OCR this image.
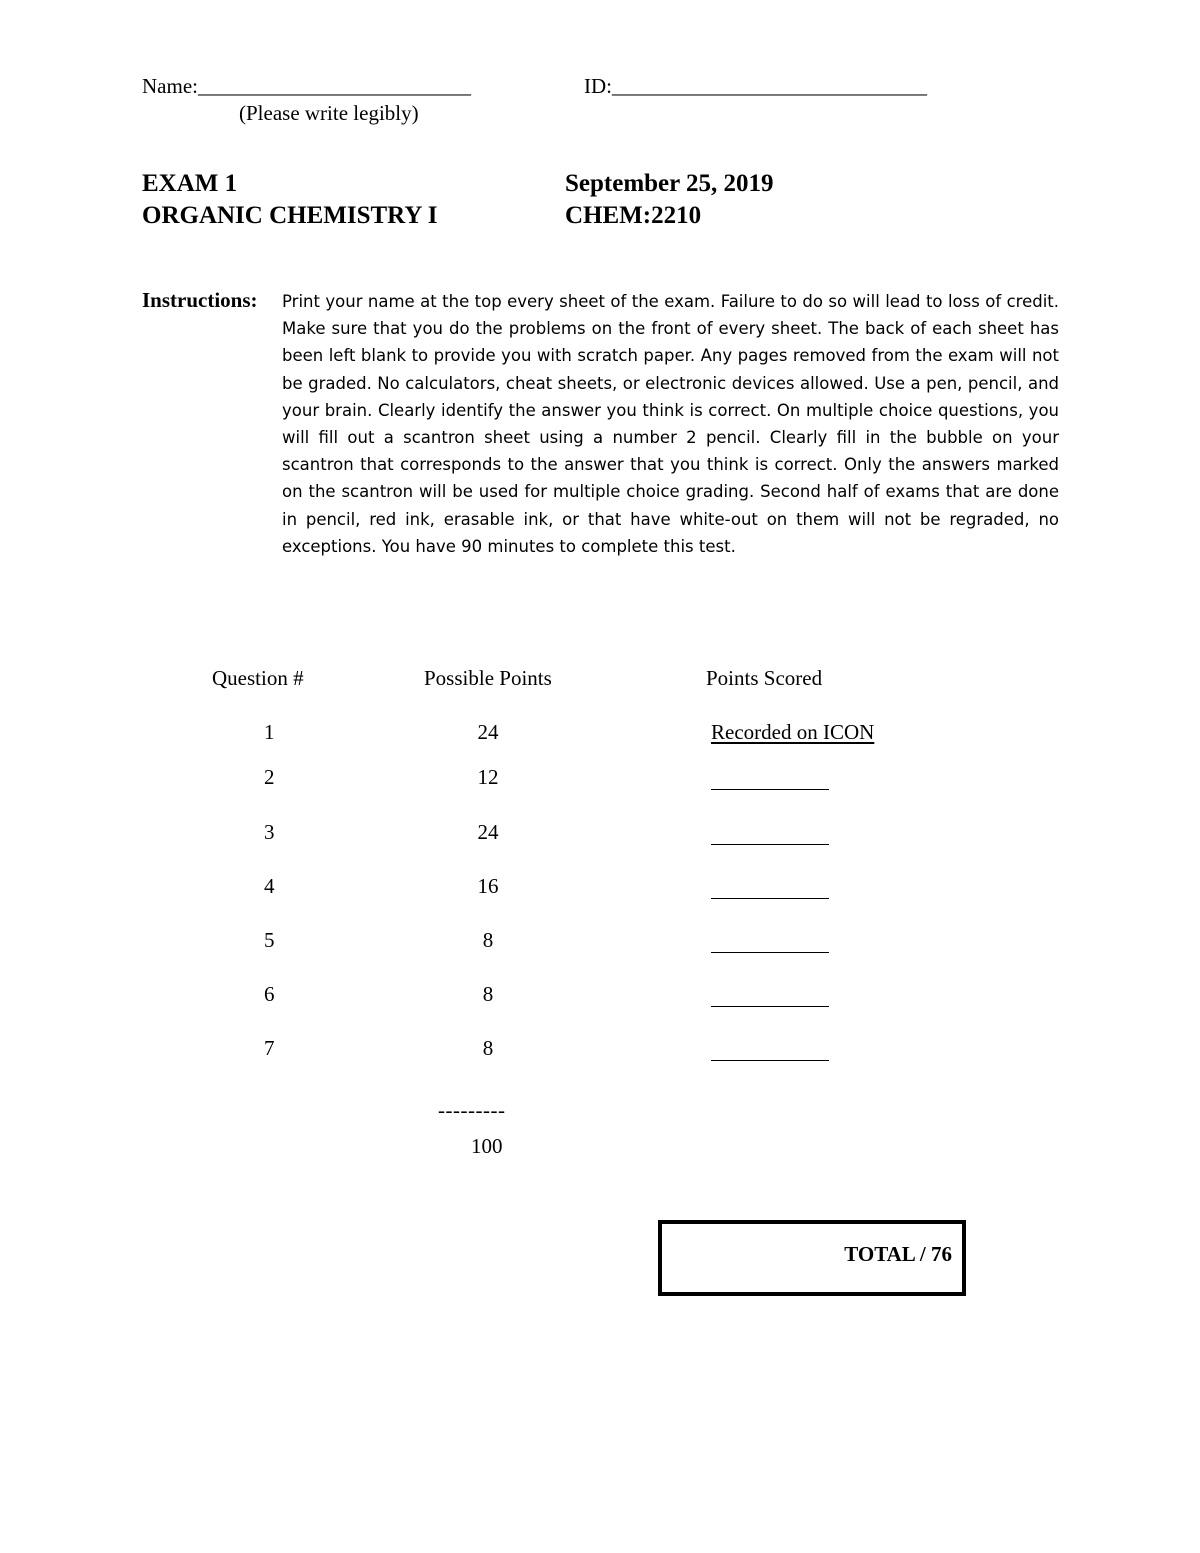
Name:__________________________	ID:______________________________
(Please write legibly)
EXAM 1
ORGANIC CHEMISTRY I
September 25, 2019
CHEM:2210
Instructions: Print your name at the top every sheet of the exam. Failure to do so will lead to loss of credit. Make sure that you do the problems on the front of every sheet. The back of each sheet has been left blank to provide you with scratch paper. Any pages removed from the exam will not be graded. No calculators, cheat sheets, or electronic devices allowed. Use a pen, pencil, and your brain. Clearly identify the answer you think is correct. On multiple choice questions, you will fill out a scantron sheet using a number 2 pencil. Clearly fill in the bubble on your scantron that corresponds to the answer that you think is correct. Only the answers marked on the scantron will be used for multiple choice grading. Second half of exams that are done in pencil, red ink, erasable ink, or that have white-out on them will not be regraded, no exceptions. You have 90 minutes to complete this test.
Question #	Possible Points	Points Scored
1	24	Recorded on ICON
2	12
3	24
4	16
5	8
6	8
7	8
---------
100
TOTAL / 76
